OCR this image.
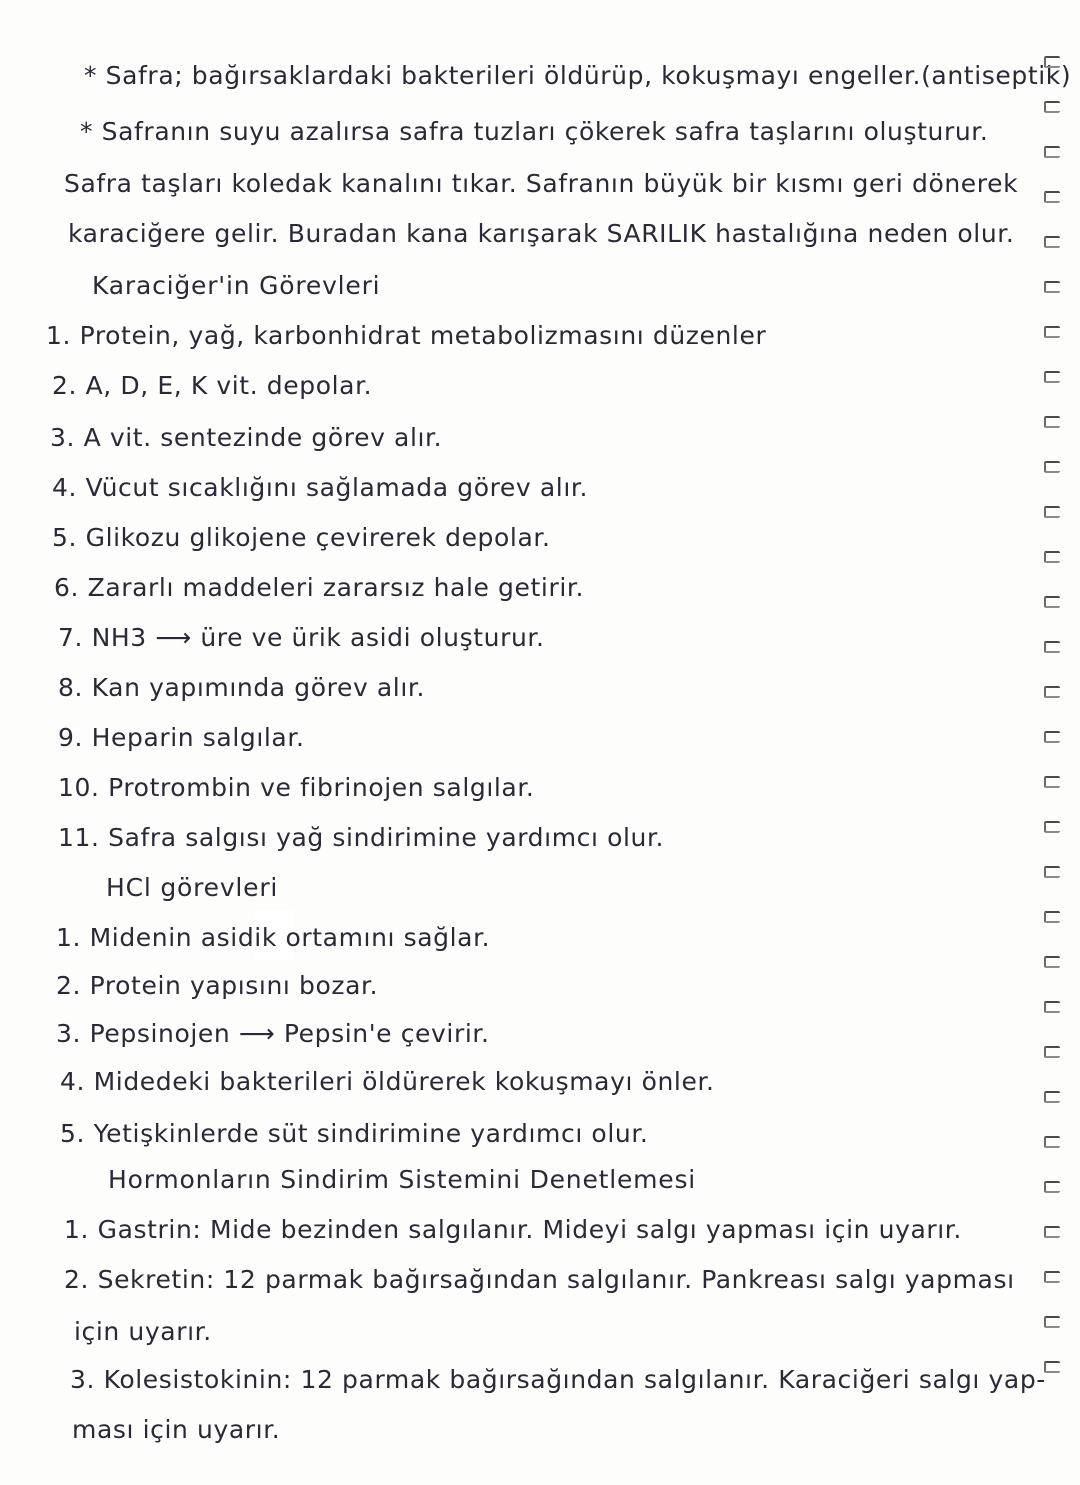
* Safra; bağırsaklardaki bakterileri öldürüp, kokuşmayı engeller.(antiseptik)
* Safranın suyu azalırsa safra tuzları çökerek safra taşlarını oluşturur.
Safra taşları koledak kanalını tıkar. Safranın büyük bir kısmı geri dönerek
karaciğere gelir. Buradan kana karışarak SARILIK hastalığına neden olur.
Karaciğer'in Görevleri
1. Protein, yağ, karbonhidrat metabolizmasını düzenler
2. A, D, E, K vit. depolar.
3. A vit. sentezinde görev alır.
4. Vücut sıcaklığını sağlamada görev alır.
5. Glikozu glikojene çevirerek depolar.
6. Zararlı maddeleri zararsız hale getirir.
7. NH3 ⟶ üre ve ürik asidi oluşturur.
8. Kan yapımında görev alır.
9. Heparin salgılar.
10. Protrombin ve fibrinojen salgılar.
11. Safra salgısı yağ sindirimine yardımcı olur.
HCl görevleri
1. Midenin asidik ortamını sağlar.
2. Protein yapısını bozar.
3. Pepsinojen ⟶ Pepsin'e çevirir.
4. Midedeki bakterileri öldürerek kokuşmayı önler.
5. Yetişkinlerde süt sindirimine yardımcı olur.
Hormonların Sindirim Sistemini Denetlemesi
1. Gastrin: Mide bezinden salgılanır. Mideyi salgı yapması için uyarır.
2. Sekretin: 12 parmak bağırsağından salgılanır. Pankreası salgı yapması
için uyarır.
3. Kolesistokinin: 12 parmak bağırsağından salgılanır. Karaciğeri salgı yap-
ması için uyarır.
